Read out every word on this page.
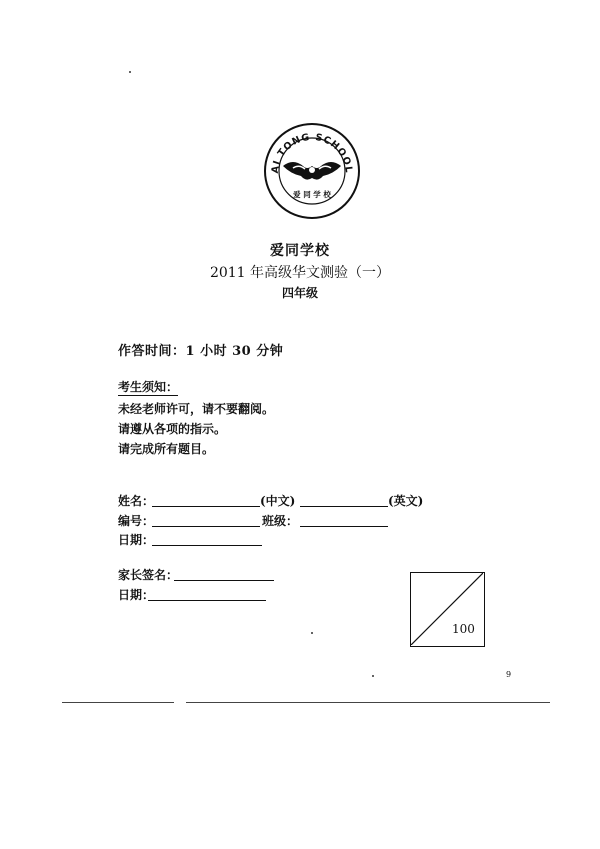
AI TONG SCHOOL
爱 同 学 校
爱同学校
2011 年高级华文测验（一）
四年级
作答时间：1 小时 30 分钟
考生须知：
未经老师许可，请不要翻阅。
请遵从各项的指示。
请完成所有题目。
姓名：	(中文)	(英文)
编号：	班级：
日期：
家长签名：
日期：
100
9
